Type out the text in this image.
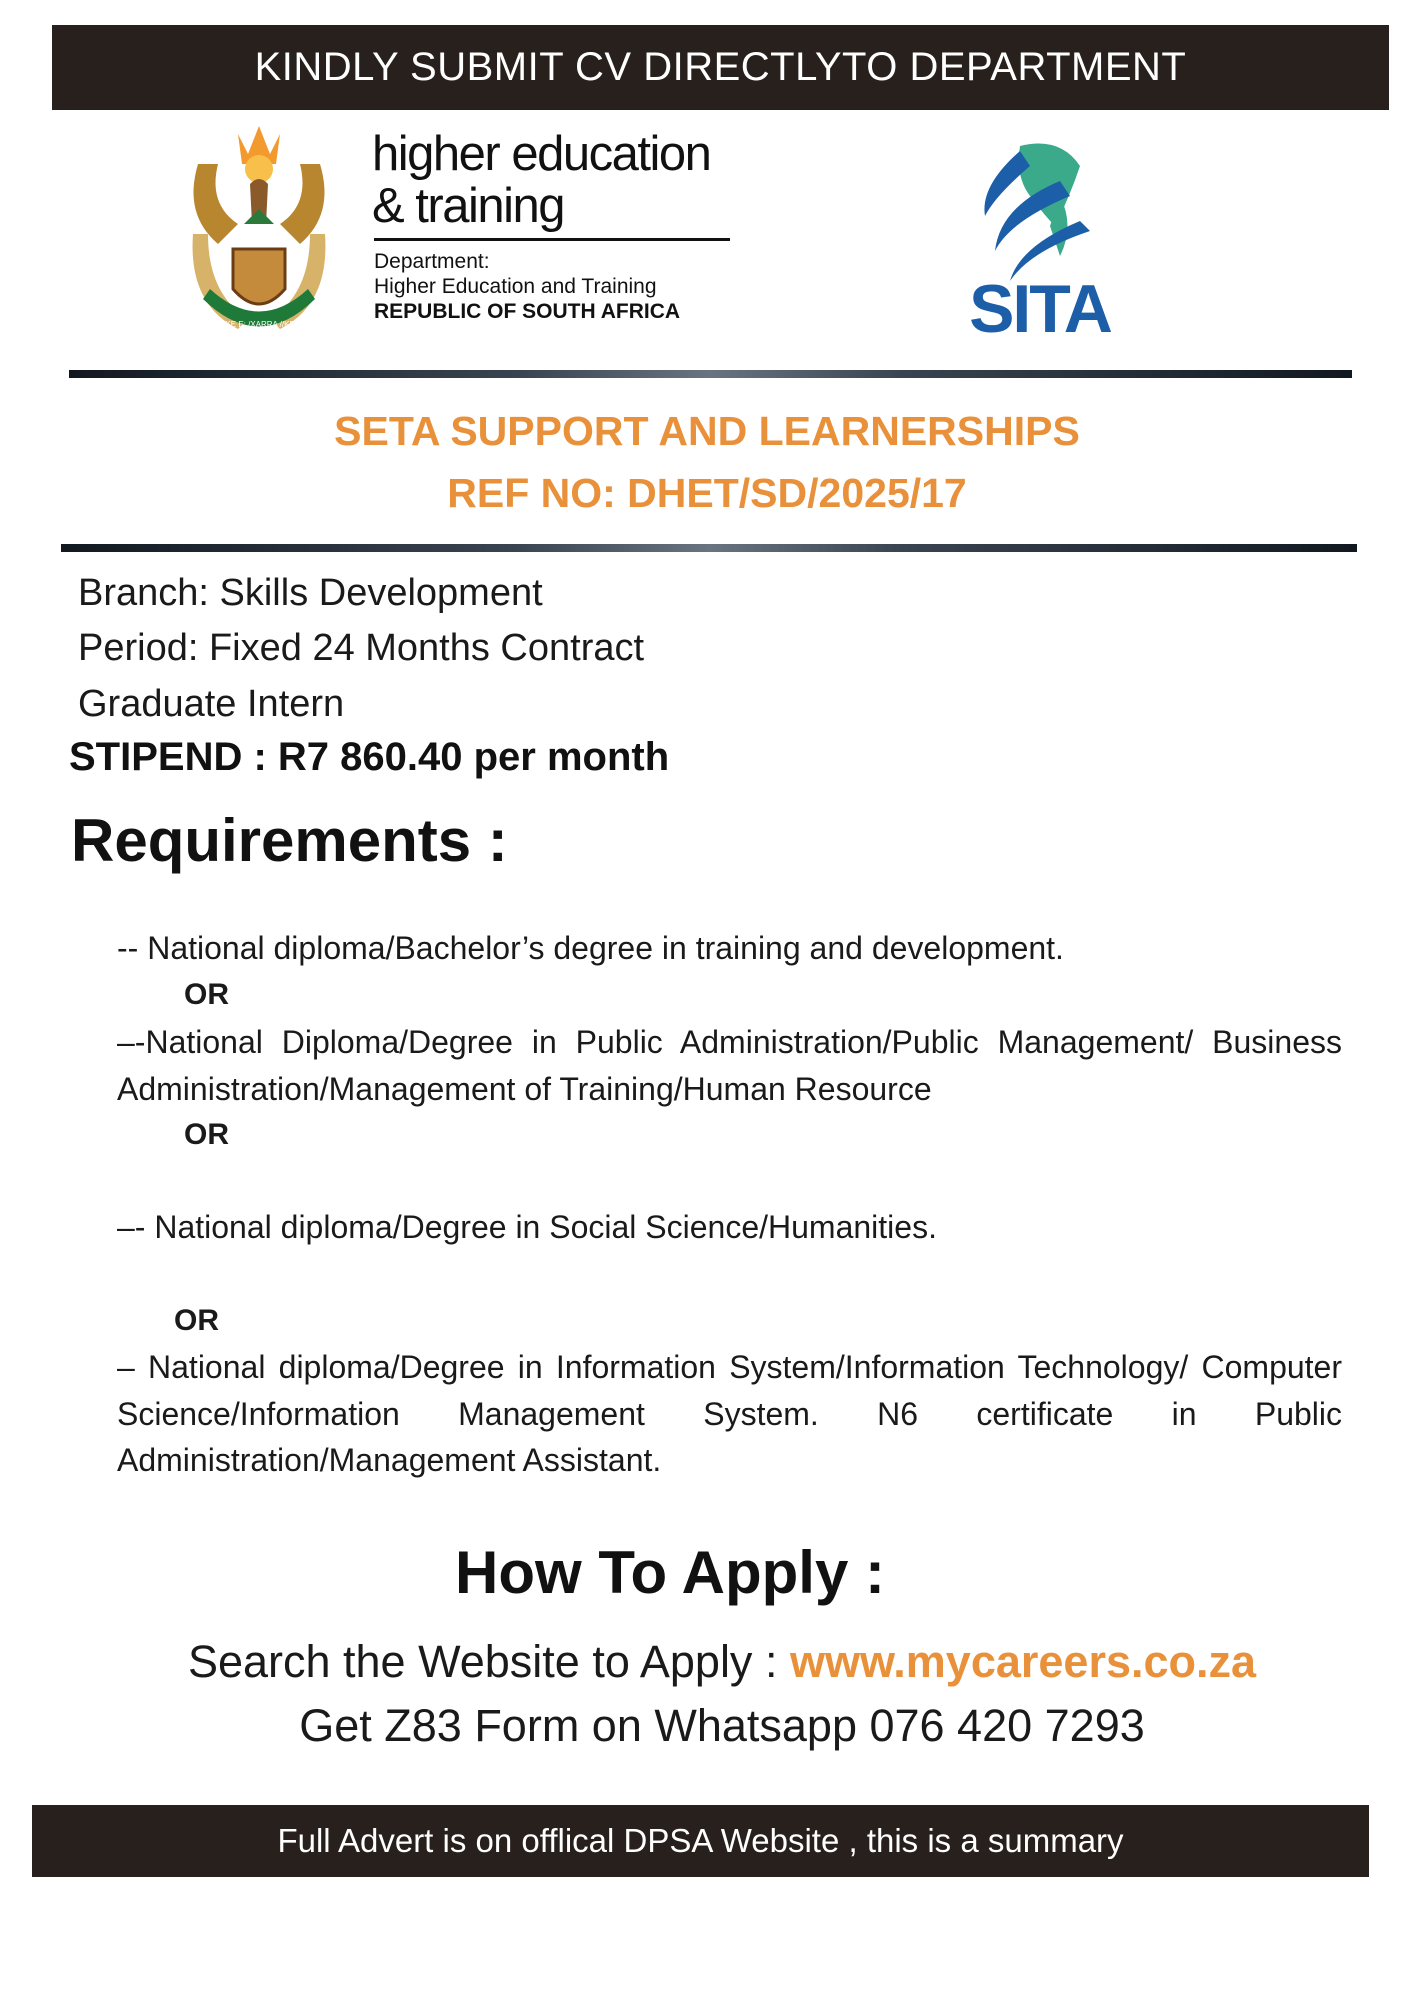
KINDLY SUBMIT CV DIRECTLYTO DEPARTMENT
!KE E: /XARRA //KE
higher education
& training
Department:
Higher Education and Training
REPUBLIC OF SOUTH AFRICA	SITA
SETA SUPPORT AND LEARNERSHIPS
REF NO: DHET/SD/2025/17
Branch: Skills Development
Period: Fixed 24 Months Contract
Graduate Intern
STIPEND : R7 860.40 per month
Requirements :
-- National diploma/Bachelor’s degree in training and development.
OR
–-National Diploma/Degree in Public Administration/Public Management/ Business Administration/Management of Training/Human Resource
OR
–- National diploma/Degree in Social Science/Humanities.
OR
– National diploma/Degree in Information System/Information Technology/ Computer Science/Information Management System. N6 certificate in Public Administration/Management Assistant.
How To Apply :
Search the Website to Apply : www.mycareers.co.za
Get Z83 Form on Whatsapp 076 420 7293
Full Advert is on offlical DPSA Website , this is a summary
